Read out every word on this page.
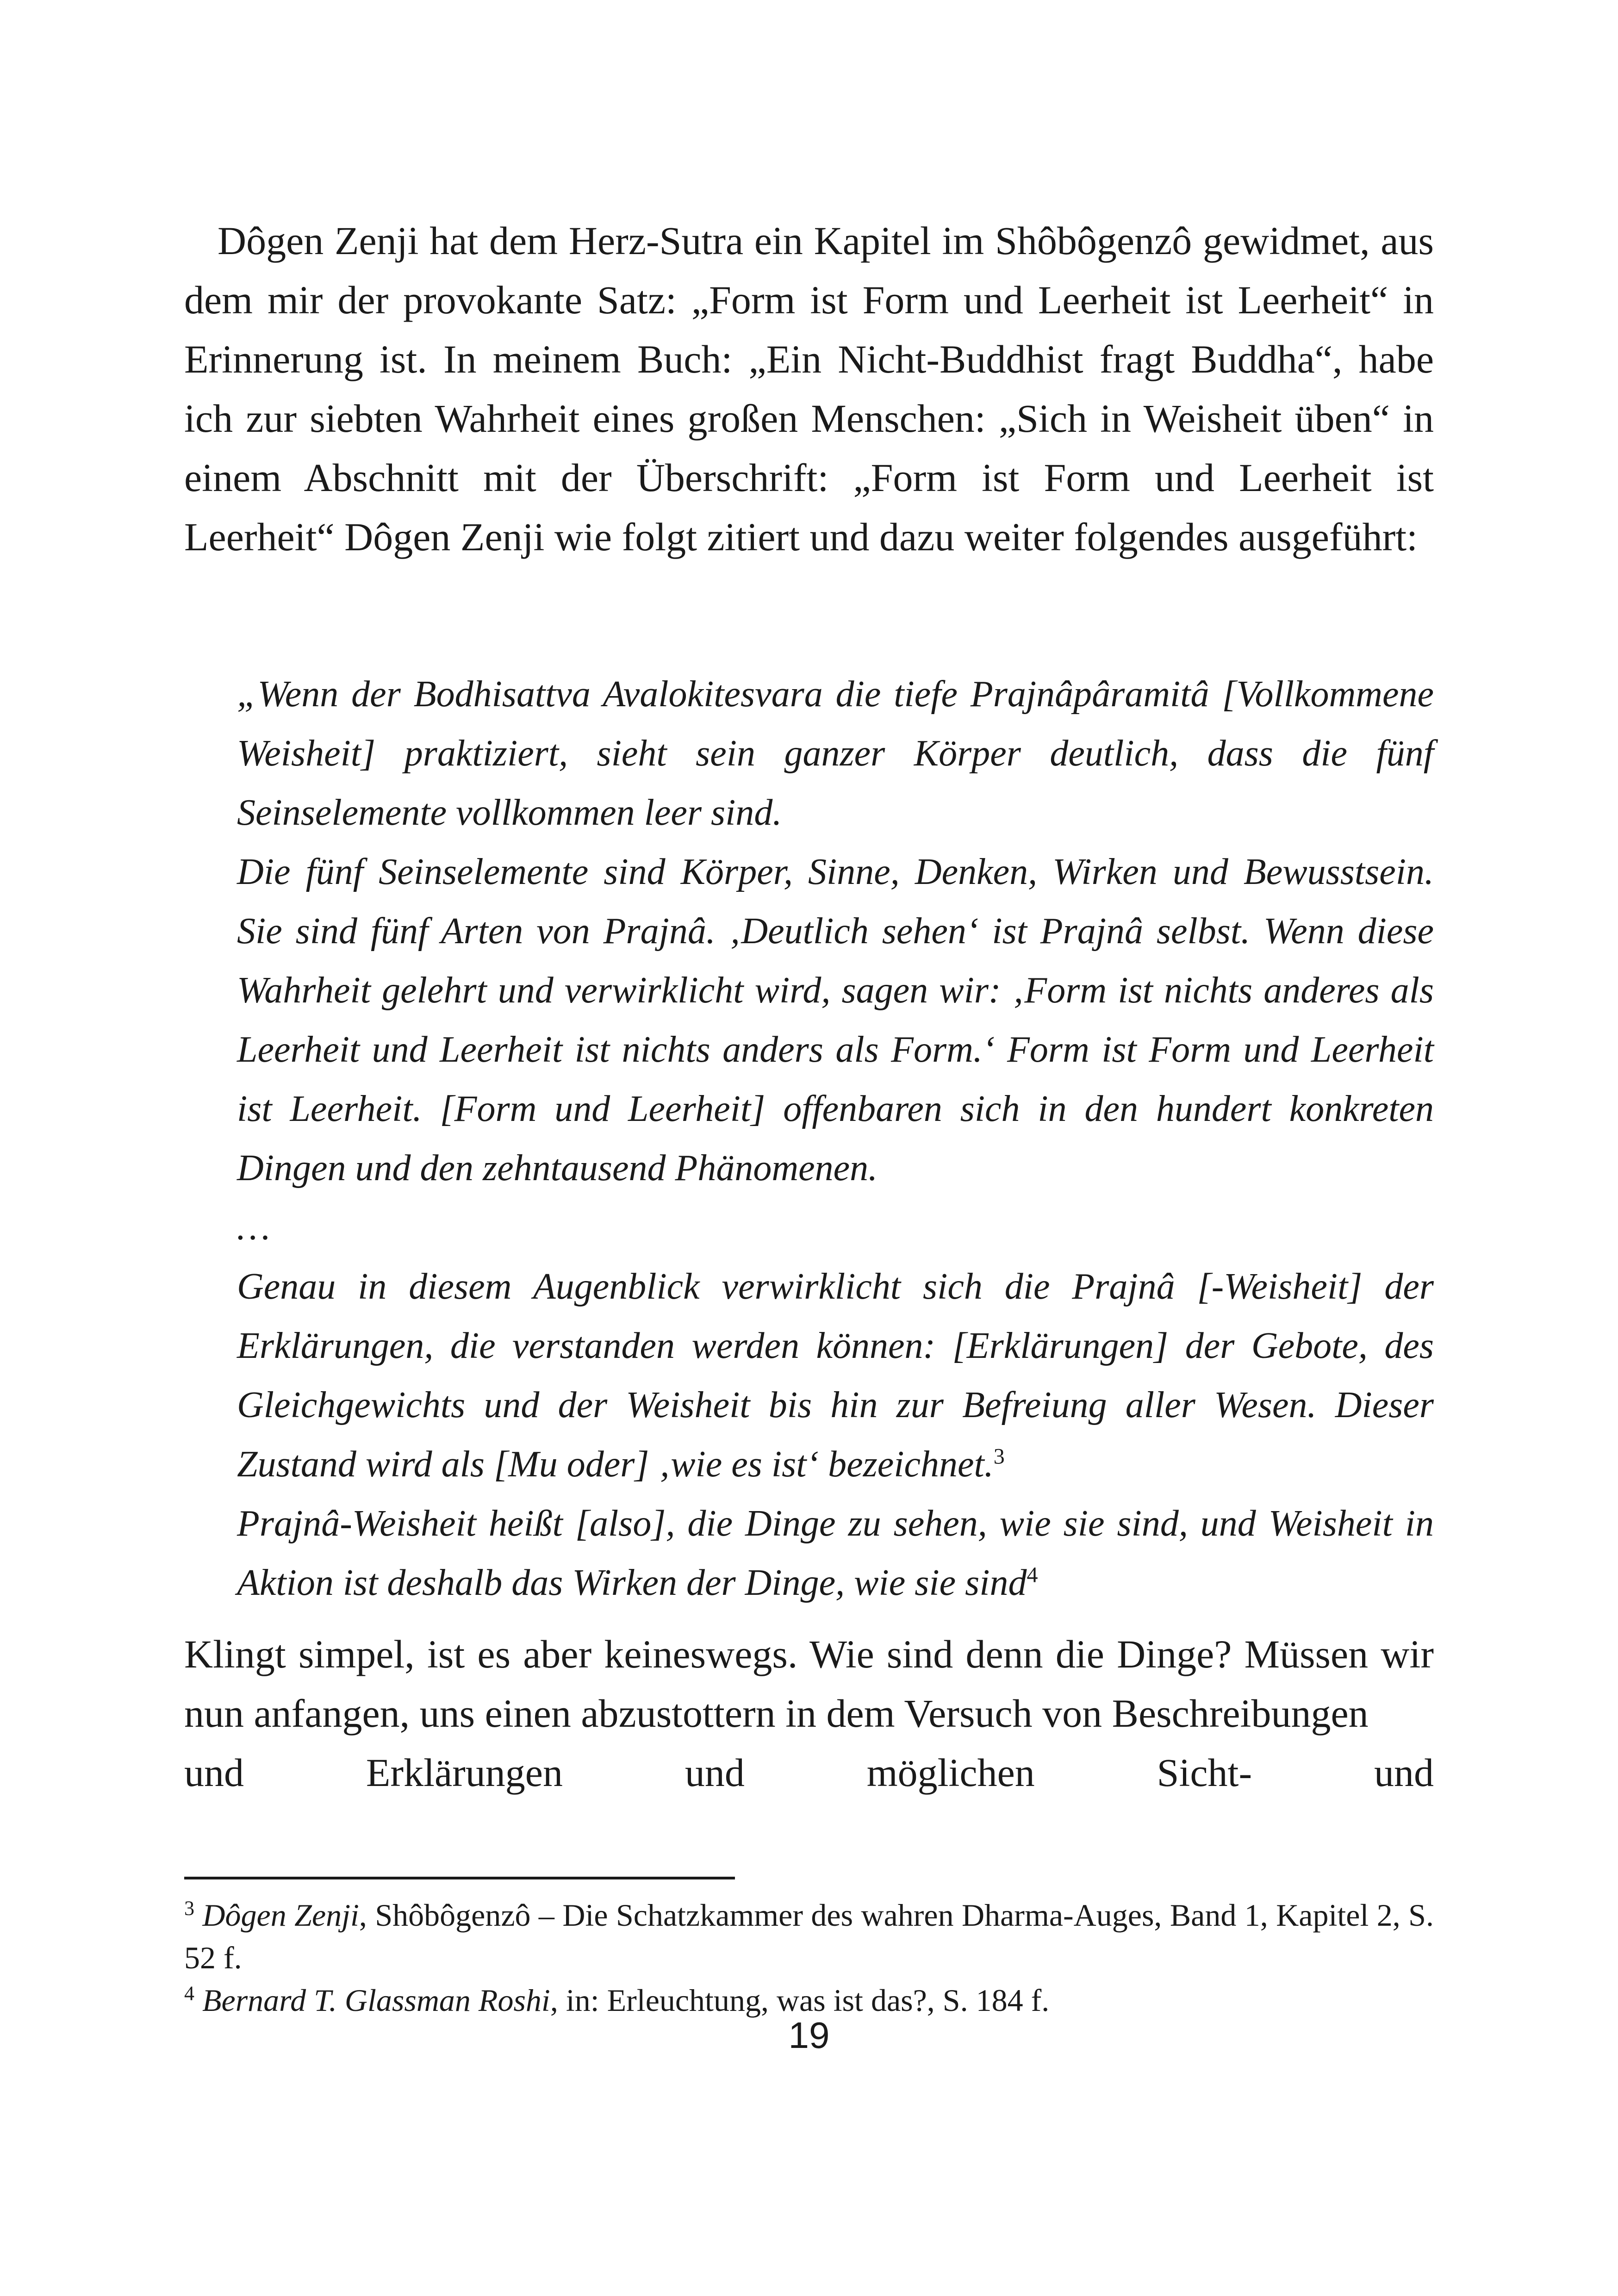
Dôgen Zenji hat dem Herz-Sutra ein Kapitel im Shôbôgenzô gewidmet, aus dem mir der provokante Satz: „Form ist Form und Leerheit ist Leerheit“ in Erinnerung ist. In meinem Buch: „Ein Nicht-Buddhist fragt Buddha“, habe ich zur siebten Wahrheit eines großen Menschen: „Sich in Weisheit üben“ in einem Abschnitt mit der Überschrift: „Form ist Form und Leerheit ist Leerheit“ Dôgen Zenji wie folgt zitiert und dazu weiter folgendes ausgeführt:

„Wenn der Bodhisattva Avalokitesvara die tiefe Prajnâpâramitâ [Vollkommene Weisheit] praktiziert, sieht sein ganzer Körper deutlich, dass die fünf Seinselemente vollkommen leer sind.

Die fünf Seinselemente sind Körper, Sinne, Denken, Wirken und Bewusstsein. Sie sind fünf Arten von Prajnâ. ‚Deutlich sehen‘ ist Prajnâ selbst. Wenn diese Wahrheit gelehrt und verwirklicht wird, sagen wir: ‚Form ist nichts anderes als Leerheit und Leerheit ist nichts anders als Form.‘ Form ist Form und Leerheit ist Leerheit. [Form und Leerheit] offenbaren sich in den hundert konkreten Dingen und den zehntausend Phänomenen.

…

Genau in diesem Augenblick verwirklicht sich die Prajnâ [-Weisheit] der Erklärungen, die verstanden werden können: [Erklärungen] der Gebote, des Gleichgewichts und der Weisheit bis hin zur Befreiung aller Wesen. Dieser Zustand wird als [Mu oder] ‚wie es ist‘ bezeichnet.$^3$

Prajnâ-Weisheit heißt [also], die Dinge zu sehen, wie sie sind, und Weisheit in Aktion ist deshalb das Wirken der Dinge, wie sie sind$^4$

Klingt simpel, ist es aber keineswegs. Wie sind denn die Dinge? Müssen wir nun anfangen, uns einen abzustottern in dem Versuch von Beschreibungen
und Erklärungen und möglichen Sicht- und

$^3$ Dôgen Zenji, Shôbôgenzô – Die Schatzkammer des wahren Dharma-Auges, Band 1, Kapitel 2, S. 52 f.

$^4$ Bernard T. Glassman Roshi, in: Erleuchtung, was ist das?, S. 184 f.

19
